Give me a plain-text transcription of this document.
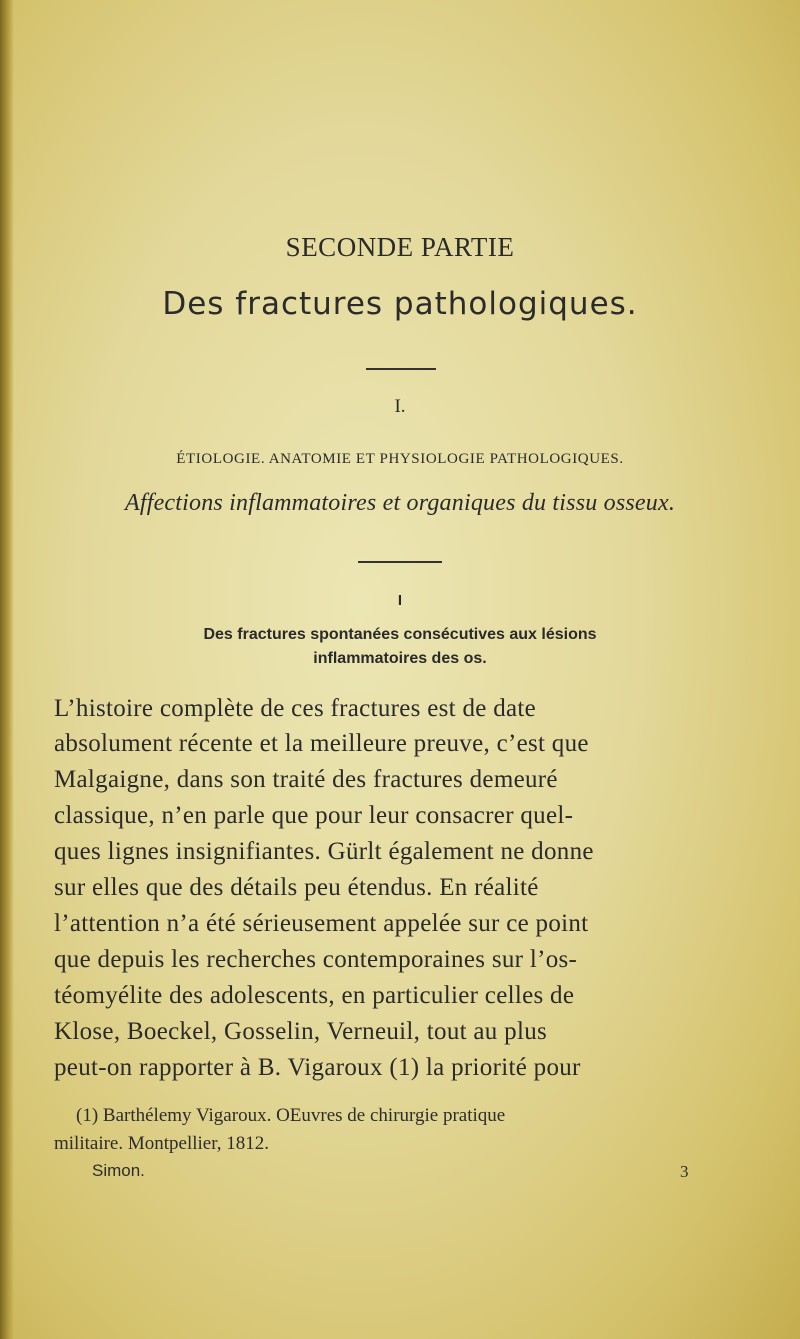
SECONDE PARTIE
Des fractures pathologiques.
I.
ÉTIOLOGIE. ANATOMIE ET PHYSIOLOGIE PATHOLOGIQUES.
Affections inflammatoires et organiques du tissu osseux.
I
Des fractures spontanées consécutives aux lésions
inflammatoires des os.
L’histoire complète de ces fractures est de date
absolument récente et la meilleure preuve, c’est que
Malgaigne, dans son traité des fractures demeuré
classique, n’en parle que pour leur consacrer quel-
ques lignes insignifiantes. Gürlt également ne donne
sur elles que des détails peu étendus. En réalité
l’attention n’a été sérieusement appelée sur ce point
que depuis les recherches contemporaines sur l’os-
téomyélite des adolescents, en particulier celles de
Klose, Boeckel, Gosselin, Verneuil, tout au plus
peut-on rapporter à B. Vigaroux (1) la priorité pour
(1) Barthélemy Vigaroux. OEuvres de chirurgie pratique
militaire. Montpellier, 1812.
Simon.	3
